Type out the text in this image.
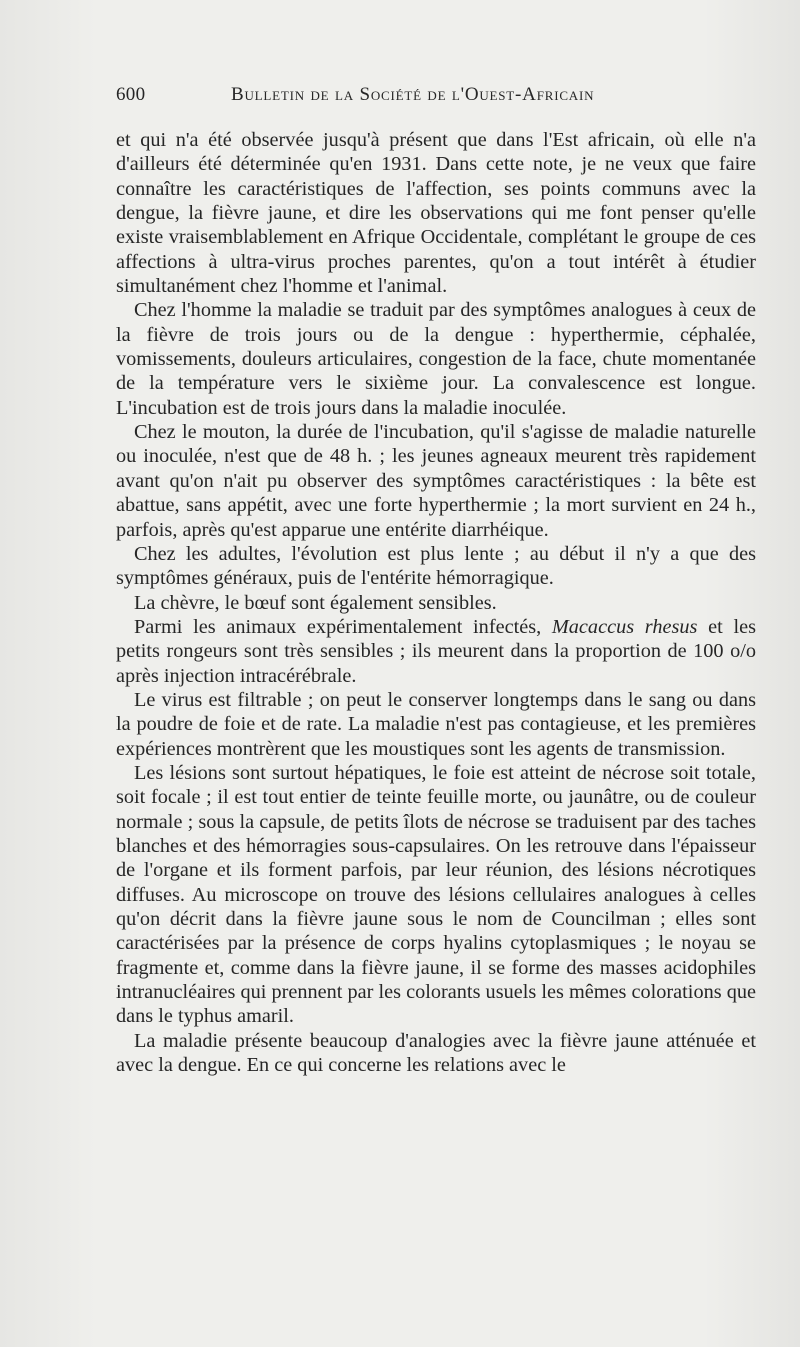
600	Bulletin de la Société de l'Ouest-Africain

et qui n'a été observée jusqu'à présent que dans l'Est africain, où elle n'a d'ailleurs été déterminée qu'en 1931. Dans cette note, je ne veux que faire connaître les caractéristiques de l'affection, ses points communs avec la dengue, la fièvre jaune, et dire les observations qui me font penser qu'elle existe vraisemblablement en Afrique Occidentale, complétant le groupe de ces affections à ultra-virus proches parentes, qu'on a tout intérêt à étudier simultanément chez l'homme et l'animal.

Chez l'homme la maladie se traduit par des symptômes analogues à ceux de la fièvre de trois jours ou de la dengue : hyperthermie, céphalée, vomissements, douleurs articulaires, congestion de la face, chute momentanée de la température vers le sixième jour. La convalescence est longue. L'incubation est de trois jours dans la maladie inoculée.

Chez le mouton, la durée de l'incubation, qu'il s'agisse de maladie naturelle ou inoculée, n'est que de 48 h. ; les jeunes agneaux meurent très rapidement avant qu'on n'ait pu observer des symptômes caractéristiques : la bête est abattue, sans appétit, avec une forte hyperthermie ; la mort survient en 24 h., parfois, après qu'est apparue une entérite diarrhéique.

Chez les adultes, l'évolution est plus lente ; au début il n'y a que des symptômes généraux, puis de l'entérite hémorragique.

La chèvre, le bœuf sont également sensibles.

Parmi les animaux expérimentalement infectés, Macaccus rhesus et les petits rongeurs sont très sensibles ; ils meurent dans la proportion de 100 o/o après injection intracérébrale.

Le virus est filtrable ; on peut le conserver longtemps dans le sang ou dans la poudre de foie et de rate. La maladie n'est pas contagieuse, et les premières expériences montrèrent que les moustiques sont les agents de transmission.

Les lésions sont surtout hépatiques, le foie est atteint de nécrose soit totale, soit focale ; il est tout entier de teinte feuille morte, ou jaunâtre, ou de couleur normale ; sous la capsule, de petits îlots de nécrose se traduisent par des taches blanches et des hémorragies sous-capsulaires. On les retrouve dans l'épaisseur de l'organe et ils forment parfois, par leur réunion, des lésions nécrotiques diffuses. Au microscope on trouve des lésions cellulaires analogues à celles qu'on décrit dans la fièvre jaune sous le nom de Councilman ; elles sont caractérisées par la présence de corps hyalins cytoplasmiques ; le noyau se fragmente et, comme dans la fièvre jaune, il se forme des masses acidophiles intranucléaires qui prennent par les colorants usuels les mêmes colorations que dans le typhus amaril.

La maladie présente beaucoup d'analogies avec la fièvre jaune atténuée et avec la dengue. En ce qui concerne les relations avec le
